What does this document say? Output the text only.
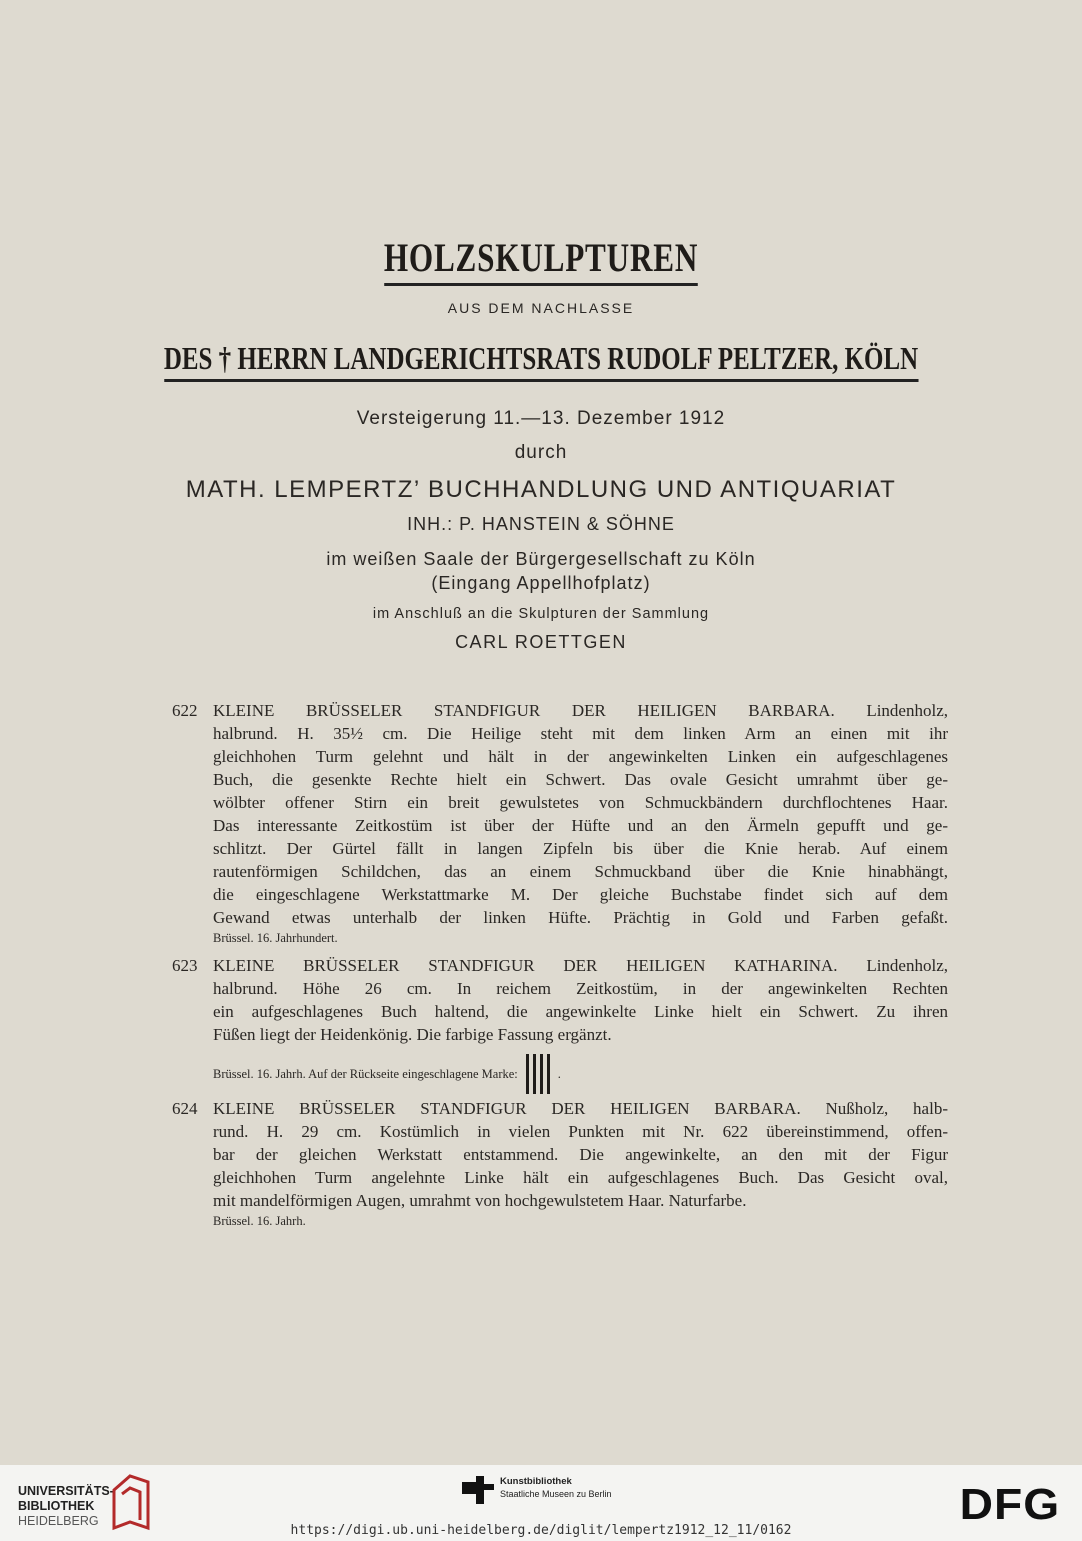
HOLZSKULPTUREN
AUS DEM NACHLASSE
DES † HERRN LANDGERICHTSRATS RUDOLF PELTZER, KÖLN
Versteigerung 11.—13. Dezember 1912
durch
MATH. LEMPERTZ’ BUCHHANDLUNG UND ANTIQUARIAT
INH.: P. HANSTEIN & SÖHNE
im weißen Saale der Bürgergesellschaft zu Köln
(Eingang Appellhofplatz)
im Anschluß an die Skulpturen der Sammlung
CARL ROETTGEN
622 KLEINE BRÜSSELER STANDFIGUR DER HEILIGEN BARBARA. Lindenholz,
halbrund. H. 35½ cm. Die Heilige steht mit dem linken Arm an einen mit ihr
gleichhohen Turm gelehnt und hält in der angewinkelten Linken ein aufgeschlagenes
Buch, die gesenkte Rechte hielt ein Schwert. Das ovale Gesicht umrahmt über ge-
wölbter offener Stirn ein breit gewulstetes von Schmuckbändern durchflochtenes Haar.
Das interessante Zeitkostüm ist über der Hüfte und an den Ärmeln gepufft und ge-
schlitzt. Der Gürtel fällt in langen Zipfeln bis über die Knie herab. Auf einem
rautenförmigen Schildchen, das an einem Schmuckband über die Knie hinabhängt,
die eingeschlagene Werkstattmarke M. Der gleiche Buchstabe findet sich auf dem
Gewand etwas unterhalb der linken Hüfte. Prächtig in Gold und Farben gefaßt.
Brüssel. 16. Jahrhundert.
623 KLEINE BRÜSSELER STANDFIGUR DER HEILIGEN KATHARINA. Lindenholz,
halbrund. Höhe 26 cm. In reichem Zeitkostüm, in der angewinkelten Rechten
ein aufgeschlagenes Buch haltend, die angewinkelte Linke hielt ein Schwert. Zu ihren
Füßen liegt der Heidenkönig. Die farbige Fassung ergänzt.
Brüssel. 16. Jahrh. Auf der Rückseite eingeschlagene Marke:	.
624 KLEINE BRÜSSELER STANDFIGUR DER HEILIGEN BARBARA. Nußholz, halb-
rund. H. 29 cm. Kostümlich in vielen Punkten mit Nr. 622 übereinstimmend, offen-
bar der gleichen Werkstatt entstammend. Die angewinkelte, an den mit der Figur
gleichhohen Turm angelehnte Linke hält ein aufgeschlagenes Buch. Das Gesicht oval,
mit mandelförmigen Augen, umrahmt von hochgewulstetem Haar. Naturfarbe.
Brüssel. 16. Jahrh.
UNIVERSITÄTS-
BIBLIOTHEK
HEIDELBERG
Kunstbibliothek
Staatliche Museen zu Berlin	DFG
https://digi.ub.uni-heidelberg.de/diglit/lempertz1912_12_11/0162
